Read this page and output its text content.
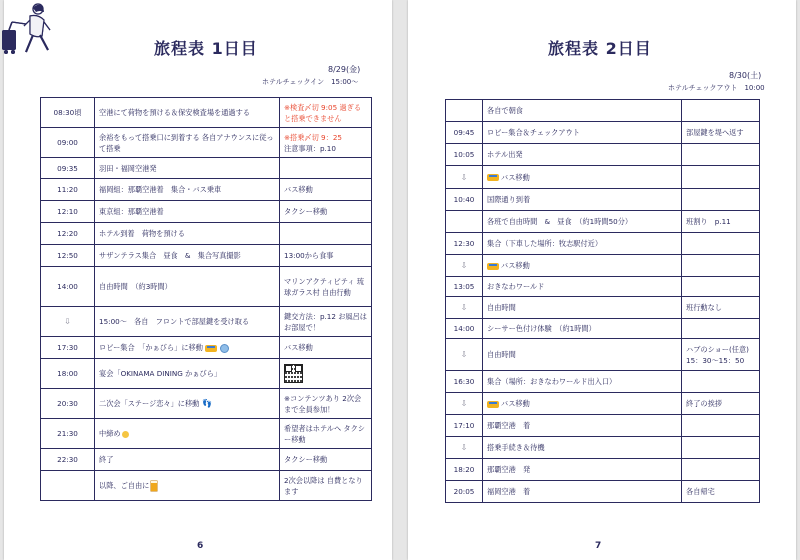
旅程表 1日目
8/29(金)
ホテルチェックイン　15:00〜
08:30頃	空港にて荷物を預ける＆保安検査場を通過する	※検査〆切 9:05 過ぎると搭乗できません

09:00	余裕をもって搭乗口に到着する 各自アナウンスに従って搭乗	※搭乗〆切 9：25
注意事項：p.10
09:35	羽田・福岡空港発	
11:20	福岡組：那覇空港着　集合・バス乗車	バス移動
12:10	東京組：那覇空港着	タクシー移動
12:20	ホテル到着　荷物を預ける	
12:50	サザンテラス集合　昼食　&　集合写真撮影	13:00から食事
14:00	自由時間　（約3時間）	マリンアクティビティ 琉球ガラス村 自由行動
⇩	15:00〜　各自　フロントで部屋鍵を受け取る	鍵交方法：p.12 お風呂はお部屋で！
17:30	ロビー集合　「かぁびら」に移動	バス移動
18:00	宴会「OKINAMA DINING かぁびら」	
20:30	二次会「ステージ恋々」に移動 👣	※コンテンツあり 2次会まで全員参加！
21:30	中締め	希望者はホテルへ タクシー移動
22:30	終了	タクシー移動
	以降、ご自由に	2次会以降は 自費となります
6
旅程表 2日目
8/30(土)
ホテルチェックアウト　10:00
	各自で朝食	
09:45	ロビー集合＆チェックアウト	部屋鍵を堤へ返す
10:05	ホテル出発	
⇩	バス移動	
10:40	国際通り到着	
	各班で自由時間　&　昼食　（約1時間50分）	班割り　p.11
12:30	集合（下車した場所：牧志駅付近）	
⇩	バス移動	
13:05	おきなわワールド	
⇩	自由時間	班行動なし
14:00	シーサー色付け体験　（約1時間）	
⇩	自由時間	ハブのショー(任意) 15：30〜15：50
16:30	集合（場所：おきなわワールド出入口）	
⇩	バス移動	終了の挨拶
17:10	那覇空港　着	
⇩	搭乗手続き＆待機	
18:20	那覇空港　発	
20:05	福岡空港　着	各自帰宅
7
